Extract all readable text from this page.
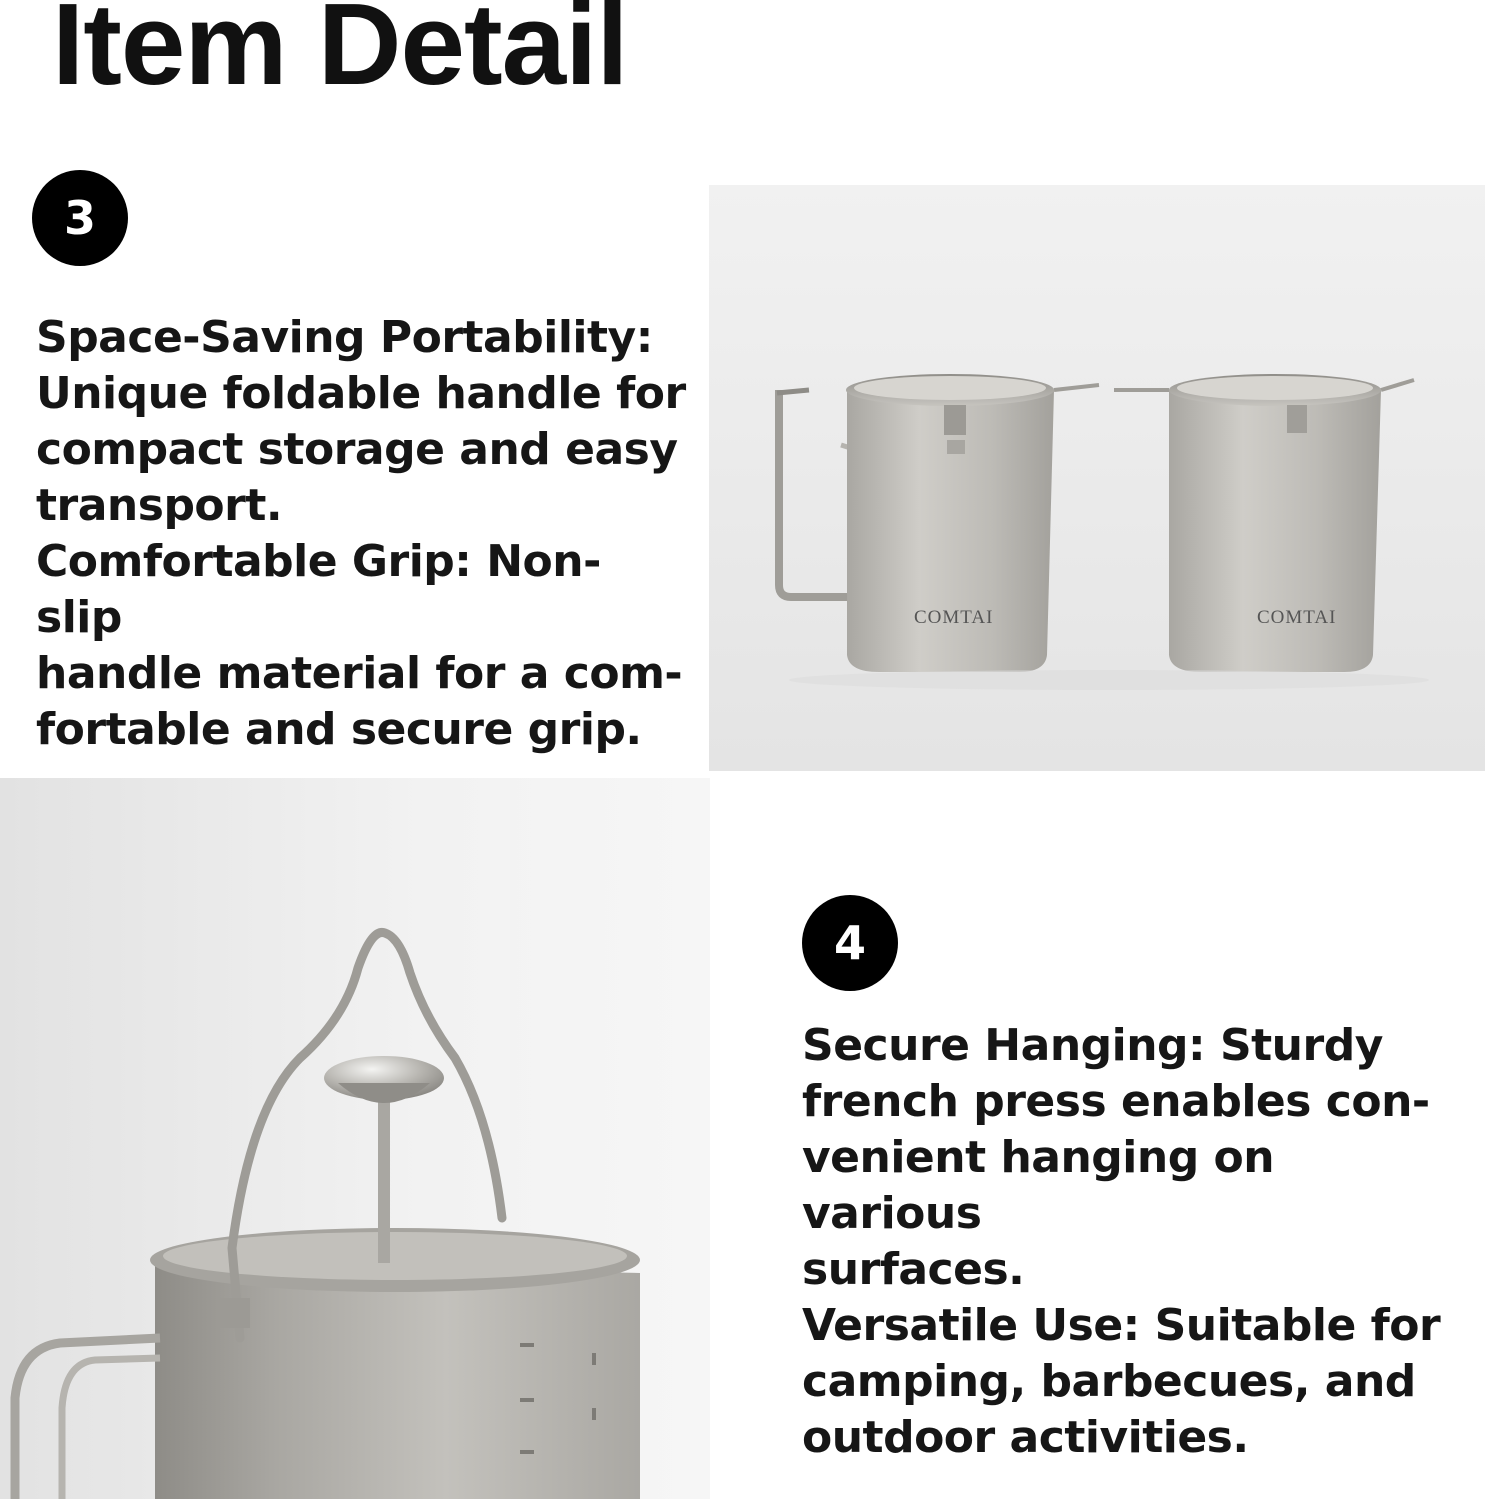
Item Detail
3

Space-Saving Portability:

Unique foldable handle for

compact storage and easy

transport.

Comfortable Grip: Non-slip

handle material for a com-

fortable and secure grip.

COMTAI	COMTAI
4

Secure Hanging: Sturdy

french press enables con-

venient hanging on various

surfaces.

Versatile Use: Suitable for

camping, barbecues, and

outdoor activities.
